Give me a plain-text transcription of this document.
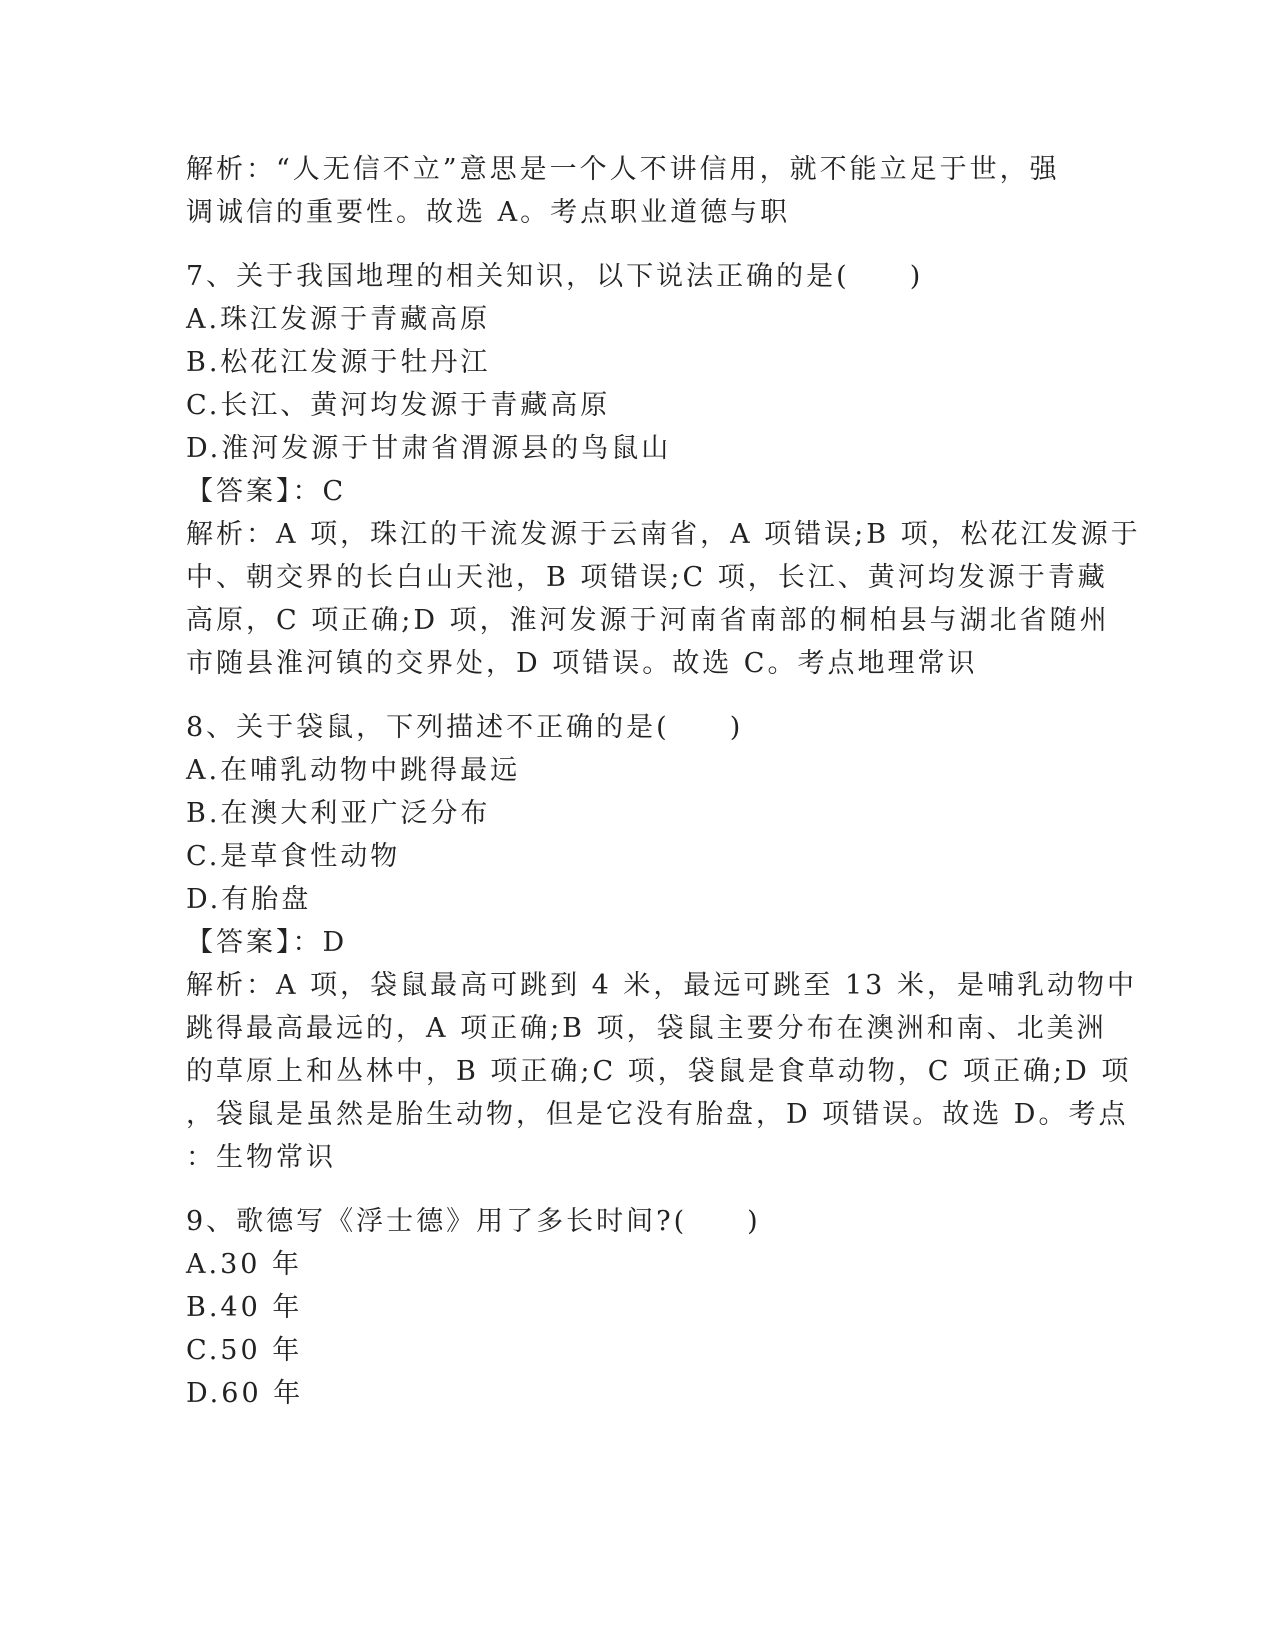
解析：“人无信不立”意思是一个人不讲信用，就不能立足于世，强
调诚信的重要性。故选 A。考点职业道德与职
7、关于我国地理的相关知识，以下说法正确的是(　　)
A.珠江发源于青藏高原
B.松花江发源于牡丹江
C.长江、黄河均发源于青藏高原
D.淮河发源于甘肃省渭源县的鸟鼠山
【答案】：C
解析：A 项，珠江的干流发源于云南省，A 项错误;B 项，松花江发源于
中、朝交界的长白山天池，B 项错误;C 项，长江、黄河均发源于青藏
高原，C 项正确;D 项，淮河发源于河南省南部的桐柏县与湖北省随州
市随县淮河镇的交界处，D 项错误。故选 C。考点地理常识
8、关于袋鼠，下列描述不正确的是(　　)
A.在哺乳动物中跳得最远
B.在澳大利亚广泛分布
C.是草食性动物
D.有胎盘
【答案】：D
解析：A 项，袋鼠最高可跳到 4 米，最远可跳至 13 米，是哺乳动物中
跳得最高最远的，A 项正确;B 项，袋鼠主要分布在澳洲和南、北美洲
的草原上和丛林中，B 项正确;C 项，袋鼠是食草动物，C 项正确;D 项
，袋鼠是虽然是胎生动物，但是它没有胎盘，D 项错误。故选 D。考点
：生物常识
9、歌德写《浮士德》用了多长时间?(　　)
A.30 年
B.40 年
C.50 年
D.60 年
